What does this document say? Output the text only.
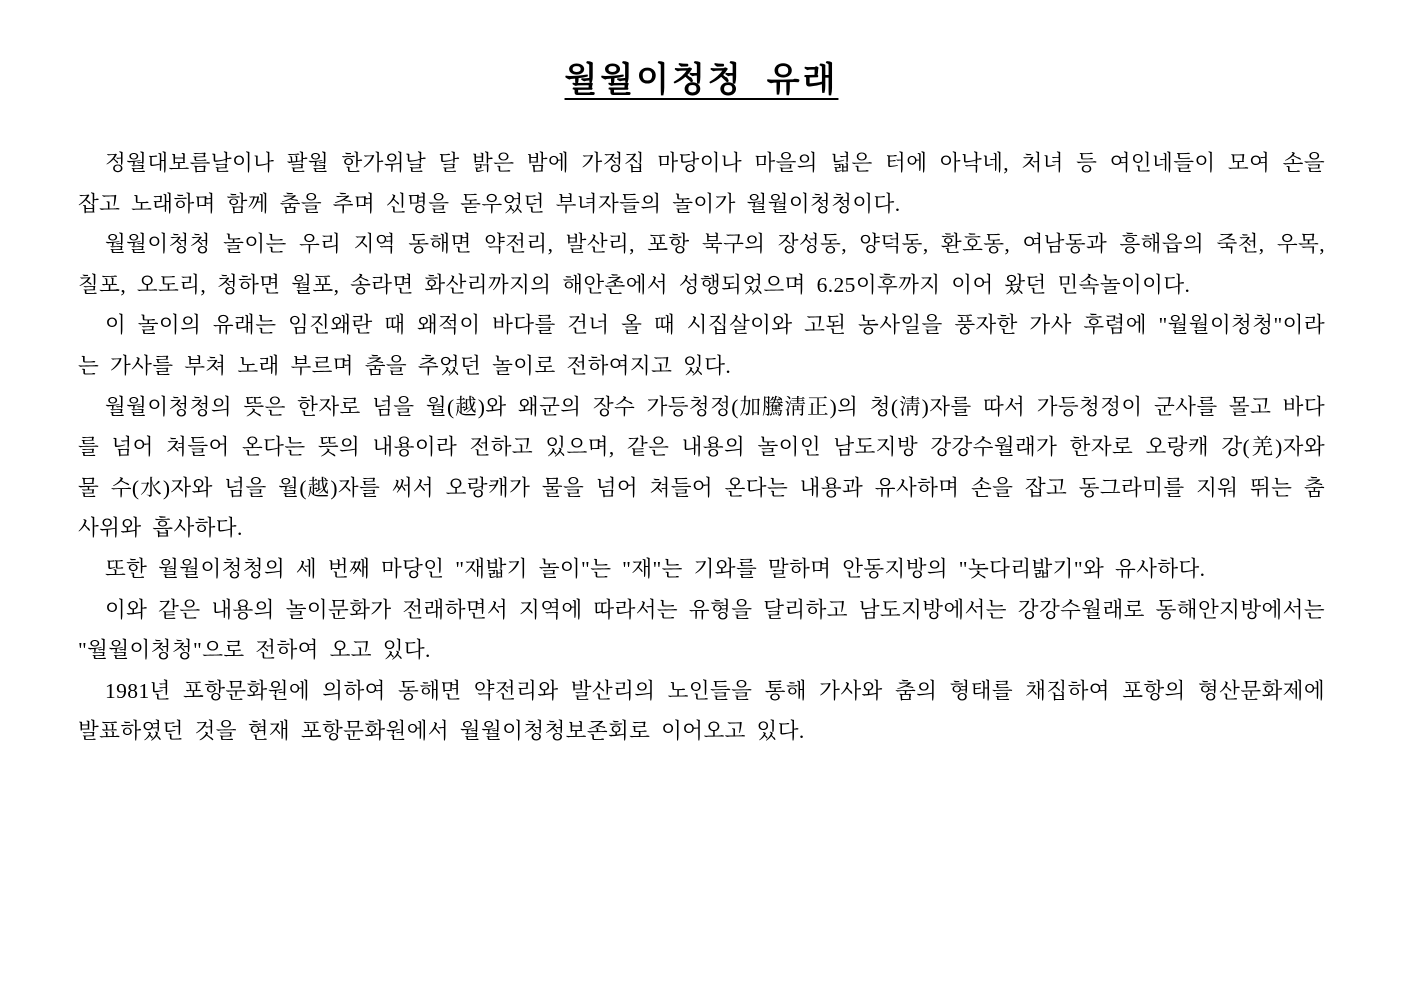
월월이청청  유래

정월대보름날이나 팔월 한가위날 달 밝은 밤에 가정집 마당이나 마을의 넓은 터에 아낙네, 처녀 등 여인네들이 모여 손을 잡고 노래하며 함께 춤을 추며 신명을 돋우었던 부녀자들의 놀이가 월월이청청이다.

월월이청청 놀이는 우리 지역 동해면 약전리, 발산리, 포항 북구의 장성동, 양덕동, 환호동, 여남동과 흥해읍의 죽천, 우목, 칠포, 오도리, 청하면 월포, 송라면 화산리까지의 해안촌에서 성행되었으며 6.25이후까지 이어 왔던 민속놀이이다.

이 놀이의 유래는 임진왜란 때 왜적이 바다를 건너 올 때 시집살이와 고된 농사일을 풍자한 가사 후렴에 "월월이청청"이라는 가사를 부쳐 노래 부르며 춤을 추었던 놀이로 전하여지고 있다.

월월이청청의 뜻은 한자로 넘을 월(越)와 왜군의 장수 가등청정(加騰淸正)의 청(淸)자를 따서 가등청정이 군사를 몰고 바다를 넘어 쳐들어 온다는 뜻의 내용이라 전하고 있으며, 같은 내용의 놀이인 남도지방 강강수월래가 한자로 오랑캐 강(羌)자와 물 수(水)자와 넘을 월(越)자를 써서 오랑캐가 물을 넘어 쳐들어 온다는 내용과 유사하며 손을 잡고 동그라미를 지워 뛰는 춤사위와 흡사하다.

또한 월월이청청의 세 번째 마당인 "재밟기 놀이"는 "재"는 기와를 말하며 안동지방의 "놋다리밟기"와 유사하다.

이와 같은 내용의 놀이문화가 전래하면서 지역에 따라서는 유형을 달리하고 남도지방에서는 강강수월래로 동해안지방에서는 "월월이청청"으로 전하여 오고 있다.

1981년 포항문화원에 의하여 동해면 약전리와 발산리의 노인들을 통해 가사와 춤의 형태를 채집하여 포항의 형산문화제에 발표하였던 것을 현재 포항문화원에서 월월이청청보존회로 이어오고 있다.
